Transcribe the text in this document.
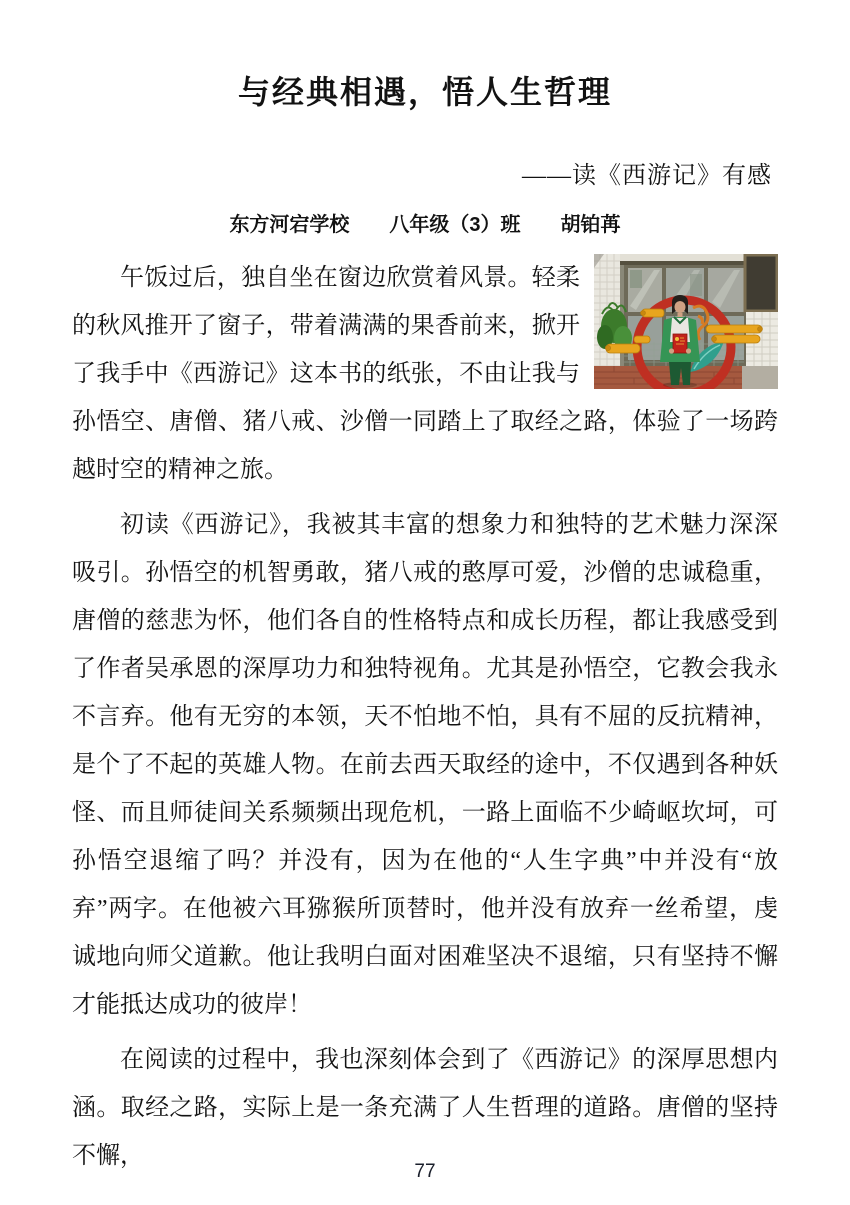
与经典相遇，悟人生哲理
——读《西游记》有感
东方河宕学校　　八年级（3）班　　胡铂苒

午饭过后，独自坐在窗边欣赏着风景。轻柔的秋风推开了窗子，带着满满的果香前来，掀开了我手中《西游记》这本书的纸张，不由让我与孙悟空、唐僧、猪八戒、沙僧一同踏上了取经之路，体验了一场跨越时空的精神之旅。

初读《西游记》，我被其丰富的想象力和独特的艺术魅力深深吸引。孙悟空的机智勇敢，猪八戒的憨厚可爱，沙僧的忠诚稳重，唐僧的慈悲为怀，他们各自的性格特点和成长历程，都让我感受到了作者吴承恩的深厚功力和独特视角。尤其是孙悟空，它教会我永不言弃。他有无穷的本领，天不怕地不怕，具有不屈的反抗精神，是个了不起的英雄人物。在前去西天取经的途中，不仅遇到各种妖怪、而且师徒间关系频频出现危机，一路上面临不少崎岖坎坷，可孙悟空退缩了吗？并没有，因为在他的“人生字典”中并没有“放弃”两字。在他被六耳猕猴所顶替时，他并没有放弃一丝希望，虔诚地向师父道歉。他让我明白面对困难坚决不退缩，只有坚持不懈才能抵达成功的彼岸！

在阅读的过程中，我也深刻体会到了《西游记》的深厚思想内涵。取经之路，实际上是一条充满了人生哲理的道路。唐僧的坚持不懈，

77
